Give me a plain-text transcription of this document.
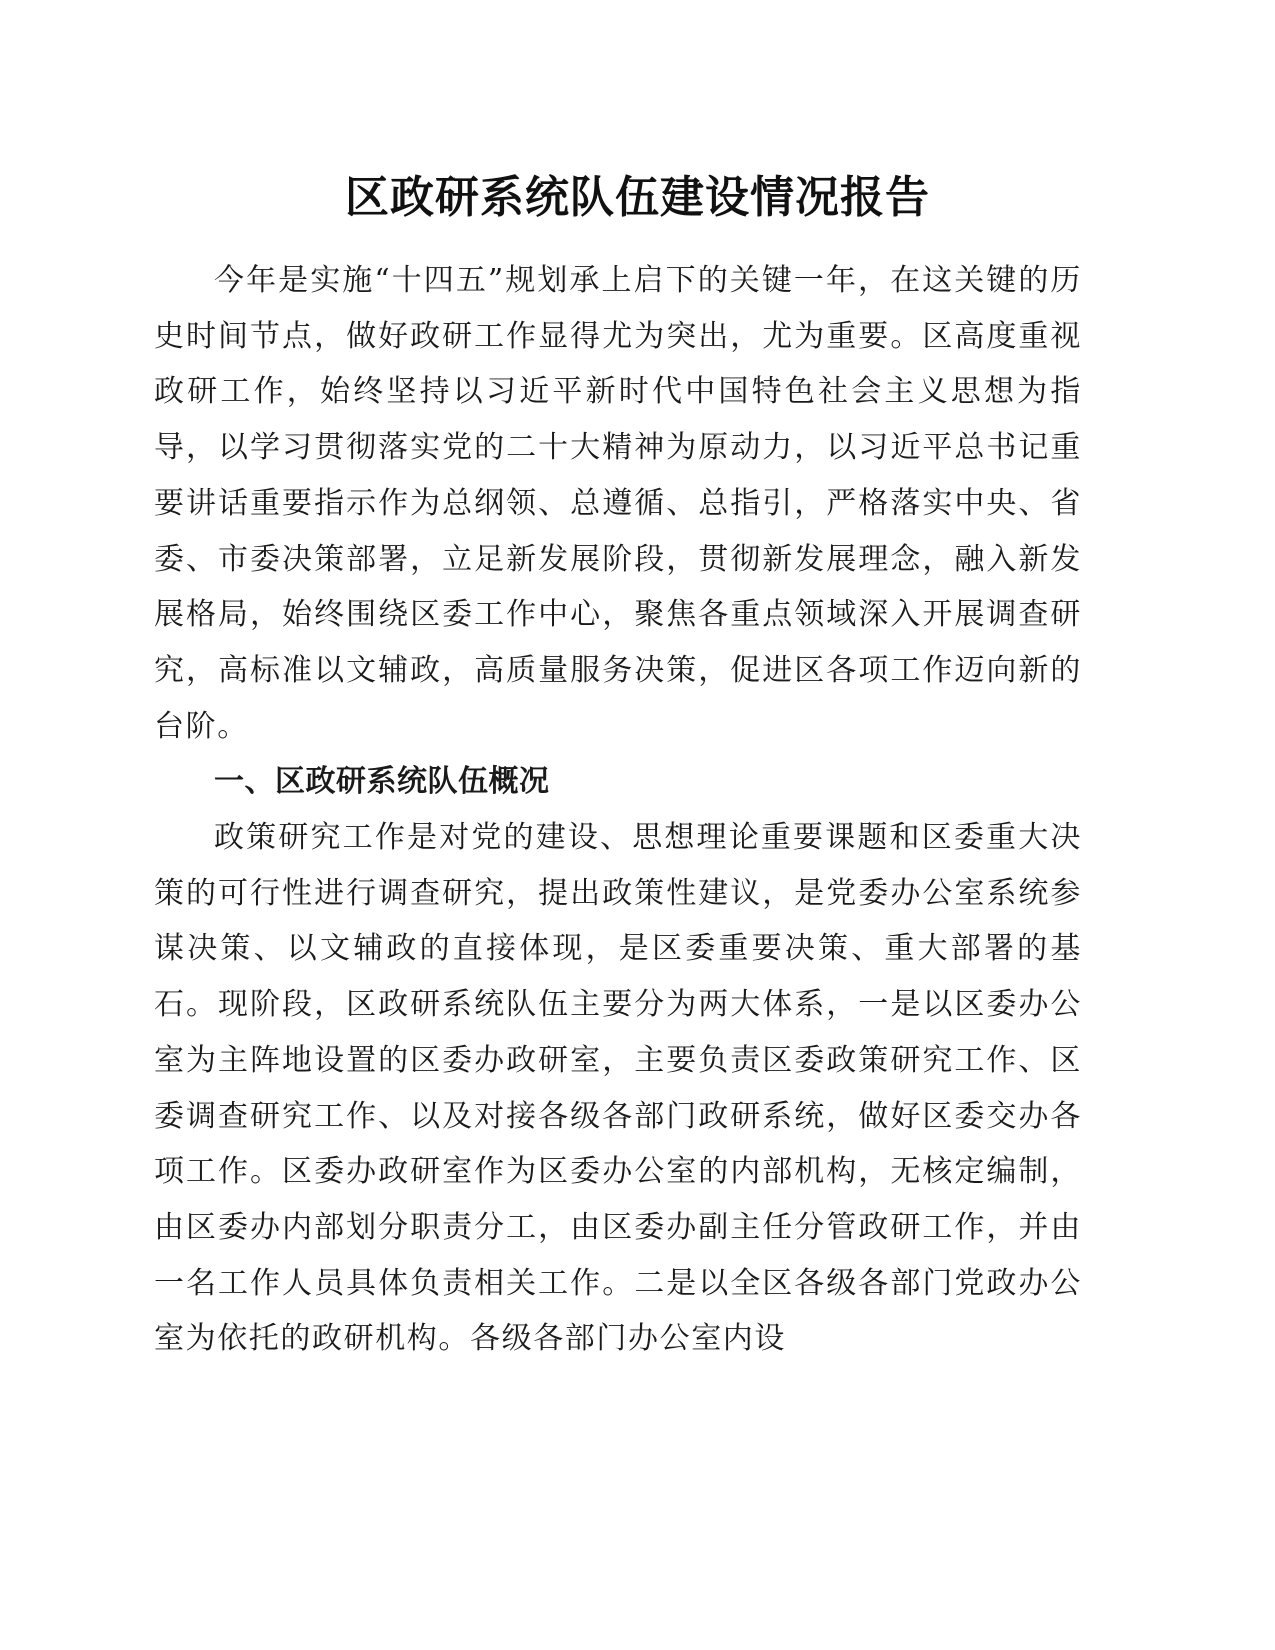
区政研系统队伍建设情况报告

今年是实施“十四五”规划承上启下的关键一年，在这关键的历史时间节点，做好政研工作显得尤为突出，尤为重要。区高度重视政研工作，始终坚持以习近平新时代中国特色社会主义思想为指导，以学习贯彻落实党的二十大精神为原动力，以习近平总书记重要讲话重要指示作为总纲领、总遵循、总指引，严格落实中央、省委、市委决策部署，立足新发展阶段，贯彻新发展理念，融入新发展格局，始终围绕区委工作中心，聚焦各重点领域深入开展调查研究，高标准以文辅政，高质量服务决策，促进区各项工作迈向新的台阶。

一、区政研系统队伍概况

政策研究工作是对党的建设、思想理论重要课题和区委重大决策的可行性进行调查研究，提出政策性建议，是党委办公室系统参谋决策、以文辅政的直接体现，是区委重要决策、重大部署的基石。现阶段，区政研系统队伍主要分为两大体系，一是以区委办公室为主阵地设置的区委办政研室，主要负责区委政策研究工作、区委调查研究工作、以及对接各级各部门政研系统，做好区委交办各项工作。区委办政研室作为区委办公室的内部机构，无核定编制，由区委办内部划分职责分工，由区委办副主任分管政研工作，并由一名工作人员具体负责相关工作。二是以全区各级各部门党政办公室为依托的政研机构。各级各部门办公室内设
